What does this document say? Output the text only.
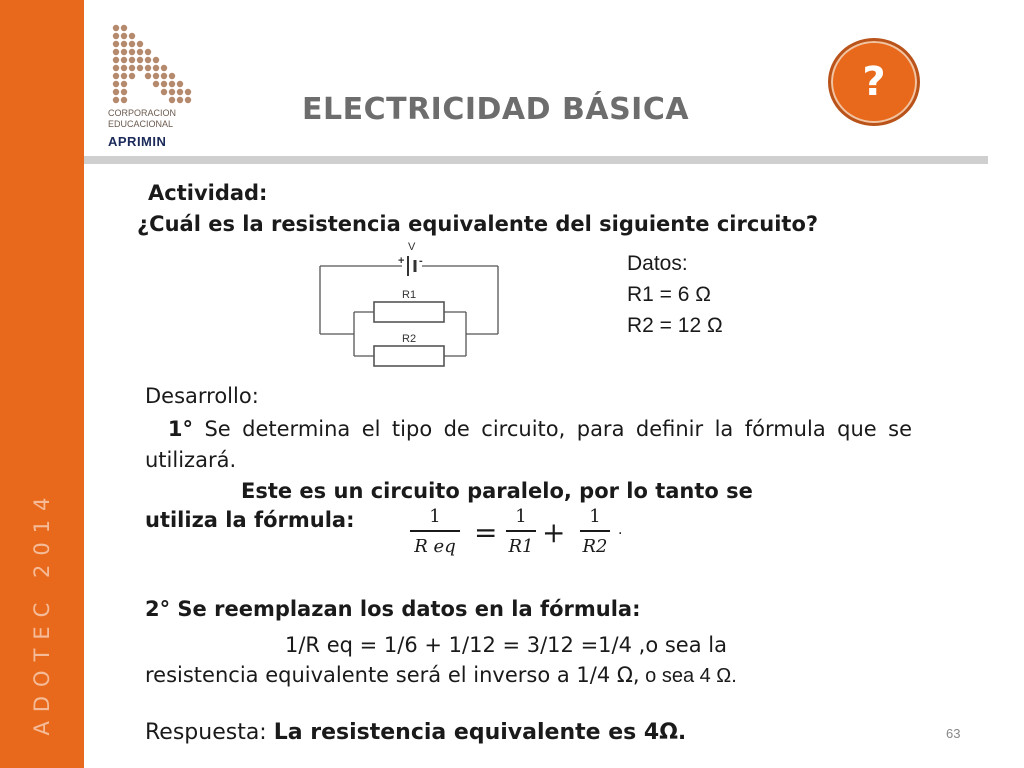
ADOTEC 2014
CORPORACION
EDUCACIONAL
APRIMIN
ELECTRICIDAD BÁSICA
?
Actividad:
¿Cuál es la resistencia equivalente del siguiente circuito?
V
+ -
R1
R2
Datos:
R1 = 6 Ω
R2 = 12 Ω
Desarrollo:
1° Se determina el tipo de circuito, para definir la fórmula que se utilizará.
Este es un circuito paralelo, por lo tanto se
utiliza la fórmula:	1
R eq = 1
R1 +	1
R2
.
2° Se reemplazan los datos en la fórmula:
1/R eq = 1/6 + 1/12 = 3/12 =1/4 ,o sea la
resistencia equivalente será el inverso a 1/4 Ω, o sea 4 Ω.
Respuesta: La resistencia equivalente es 4Ω.	63
